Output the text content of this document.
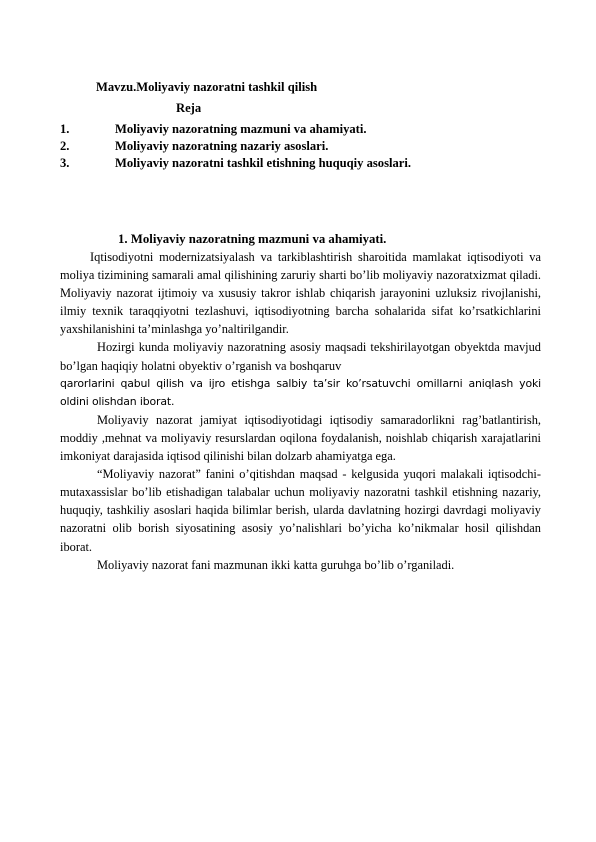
Mavzu.Moliyaviy nazoratni tashkil qilish
Reja
1.	Moliyaviy nazoratning mazmuni va ahamiyati.
2.	Moliyaviy nazoratning nazariy asoslari.
3.	Moliyaviy nazoratni tashkil etishning huquqiy asoslari.
1. Moliyaviy nazoratning mazmuni va ahamiyati.

Iqtisodiyotni modernizatsiyalash va tarkiblashtirish sharoitida mamlakat iqtisodiyoti va moliya tizimining samarali amal qilishining zaruriy sharti bo’lib moliyaviy nazoratxizmat qiladi. Moliyaviy nazorat ijtimoiy va xususiy takror ishlab chiqarish jarayonini uzluksiz rivojlanishi, ilmiy texnik taraqqiyotni tezlashuvi, iqtisodiyotning barcha sohalarida sifat ko’rsatkichlarini yaxshilanishini ta’minlashga yo’naltirilgandir.

Hozirgi kunda moliyaviy nazoratning asosiy maqsadi tekshirilayotgan obyektda mavjud bo’lgan haqiqiy holatni obyektiv o’rganish va boshqaruv

qarorlarini qabul qilish va ijro etishga salbiy ta’sir ko’rsatuvchi omillarni aniqlash yoki oldini olishdan iborat.

Moliyaviy nazorat jamiyat iqtisodiyotidagi iqtisodiy samaradorlikni rag’batlantirish, moddiy ,mehnat va moliyaviy resurslardan oqilona foydalanish, noishlab chiqarish xarajatlarini imkoniyat darajasida iqtisod qilinishi bilan dolzarb ahamiyatga ega.

“Moliyaviy nazorat” fanini o’qitishdan maqsad - kelgusida yuqori malakali iqtisodchi-mutaxassislar bo’lib etishadigan talabalar uchun moliyaviy nazoratni tashkil etishning nazariy, huquqiy, tashkiliy asoslari haqida bilimlar berish, ularda davlatning hozirgi davrdagi moliyaviy nazoratni olib borish siyosatining asosiy yo’nalishlari bo’yicha ko’nikmalar hosil qilishdan iborat.

Moliyaviy nazorat fani mazmunan ikki katta guruhga bo’lib o’rganiladi.
